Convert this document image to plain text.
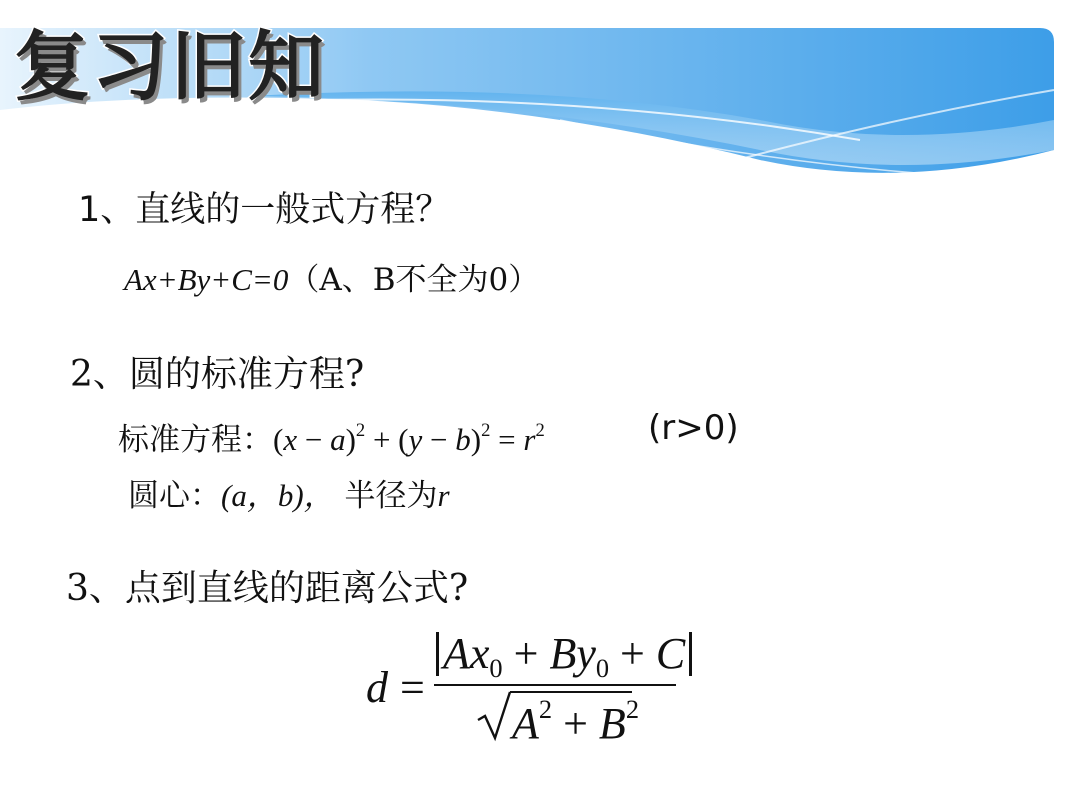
复习旧知
1、直线的一般式方程？
Ax+By+C=0（A、B不全为0）
2、圆的标准方程?
标准方程：$(x - a)^2 + (y - b)^2 = r^2$	(r>0)
圆心：(a，b)， 半径为r
3、点到直线的距离公式?
d =
$Ax_0 + By_0 + C$
$A^2 + B^2$
